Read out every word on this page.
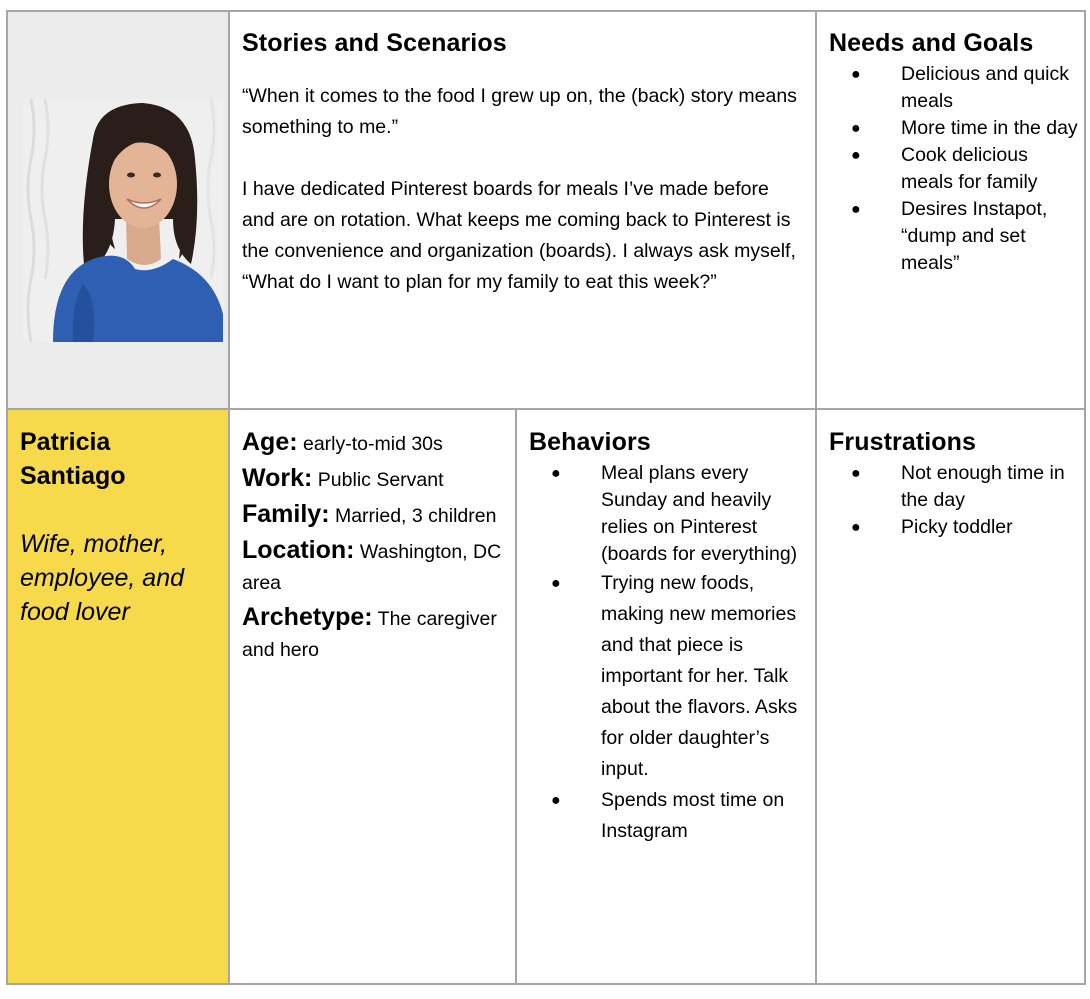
Stories and Scenarios

“When it comes to the food I grew up on, the (back) story means something to me.”

I have dedicated Pinterest boards for meals I’ve made before and are on rotation. What keeps me coming back to Pinterest is the convenience and organization (boards). I always ask myself, “What do I want to plan for my family to eat this week?”

Needs and Goals
● Delicious and quick meals
● More time in the day
● Cook delicious meals for family
● Desires Instapot, “dump and set meals”
Patricia Santiago
Wife, mother, employee, and food lover
Age: early-to-mid 30s
Work: Public Servant
Family: Married, 3 children
Location: Washington, DC area
Archetype: The caregiver and hero
Behaviors
● Meal plans every Sunday and heavily relies on Pinterest (boards for everything)
● Trying new foods, making new memories and that piece is important for her. Talk about the flavors. Asks for older daughter’s input.
● Spends most time on Instagram
Frustrations
● Not enough time in the day
● Picky toddler
